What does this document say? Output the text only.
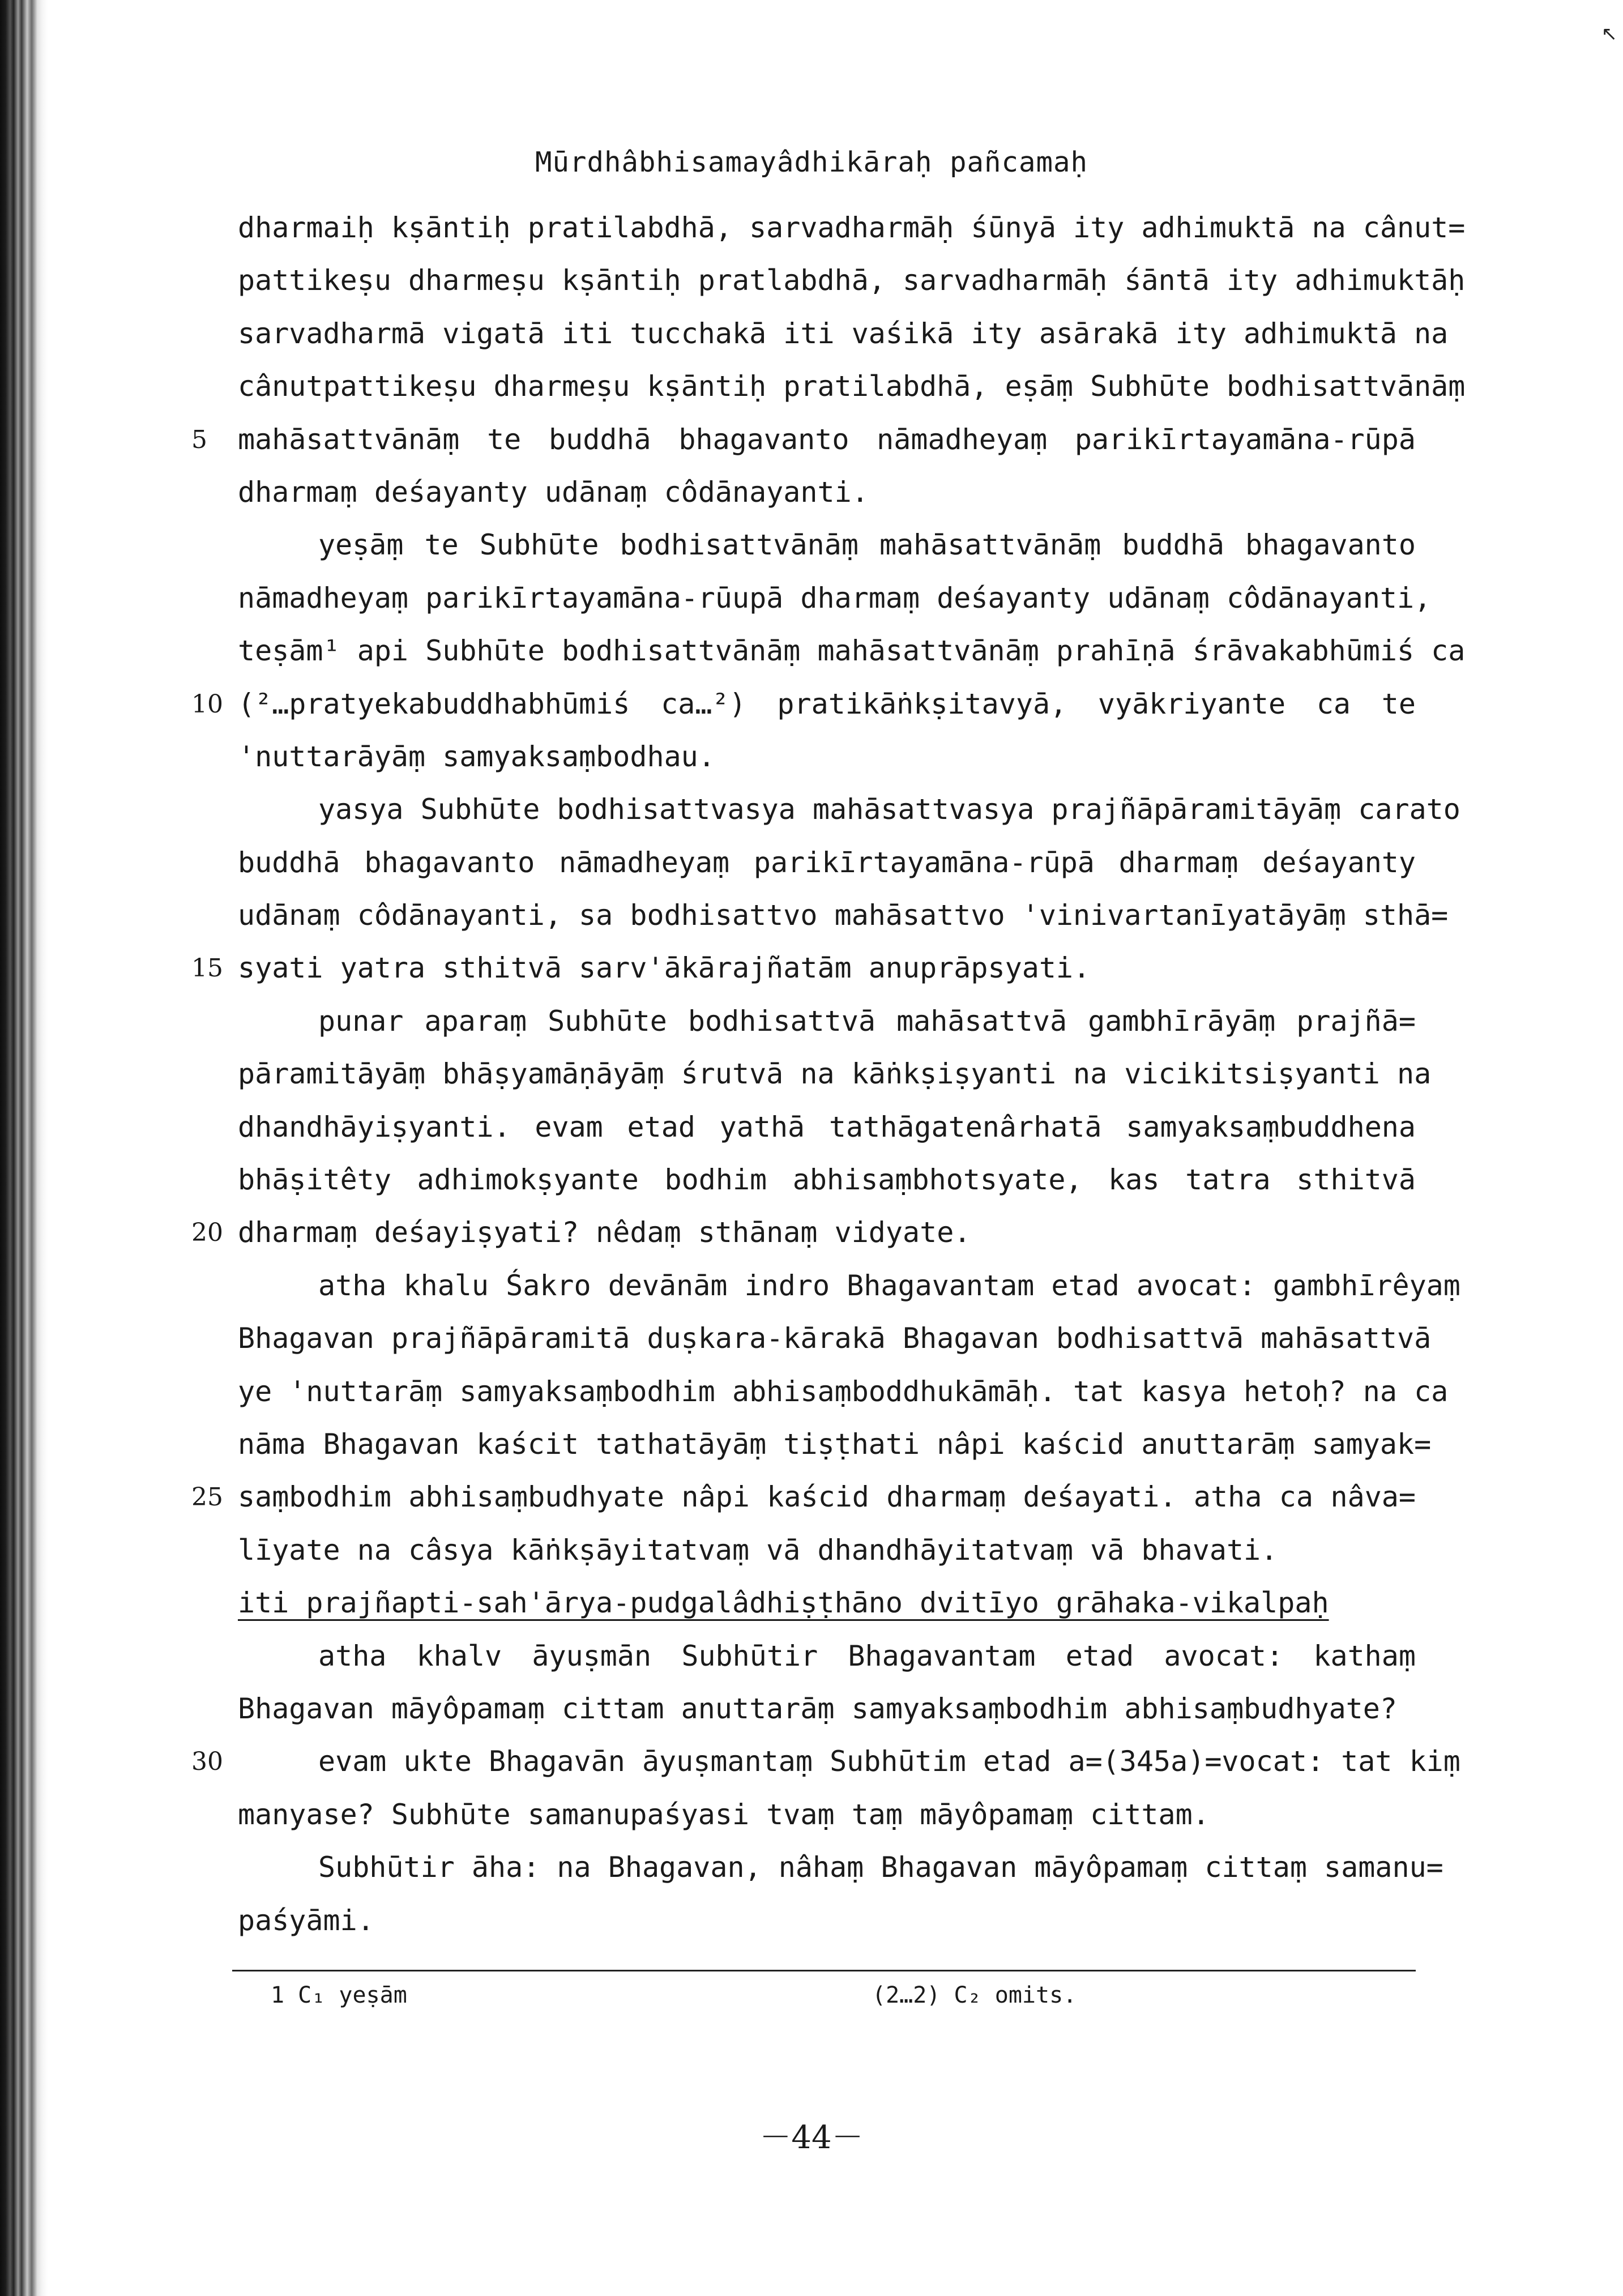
↖
Mūrdhâbhisamayâdhikāraḥ pañcamaḥ
dharmaiḥ kṣāntiḥ pratilabdhā, sarvadharmāḥ śūnyā ity adhimuktā na cânut=
pattikeṣu dharmeṣu kṣāntiḥ pratlabdhā, sarvadharmāḥ śāntā ity adhimuktāḥ
sarvadharmā vigatā iti tucchakā iti vaśikā ity asārakā ity adhimuktā na
cânutpattikeṣu dharmeṣu kṣāntiḥ pratilabdhā, eṣāṃ Subhūte bodhisattvānāṃ
5	mahāsattvānāṃ te buddhā bhagavanto nāmadheyaṃ parikīrtayamāna-rūpā
dharmaṃ deśayanty udānaṃ côdānayanti.
yeṣāṃ te Subhūte bodhisattvānāṃ mahāsattvānāṃ buddhā bhagavanto
nāmadheyaṃ parikīrtayamāna-rūupā dharmaṃ deśayanty udānaṃ côdānayanti,
teṣām¹ api Subhūte bodhisattvānāṃ mahāsattvānāṃ prahīṇā śrāvakabhūmiś ca
10 (²…pratyekabuddhabhūmiś ca…²) pratikāṅkṣitavyā, vyākriyante ca te
'nuttarāyāṃ samyaksaṃbodhau.
yasya Subhūte bodhisattvasya mahāsattvasya prajñāpāramitāyāṃ carato
buddhā bhagavanto nāmadheyaṃ parikīrtayamāna-rūpā dharmaṃ deśayanty
udānaṃ côdānayanti, sa bodhisattvo mahāsattvo 'vinivartanīyatāyāṃ sthā=
15 syati yatra sthitvā sarv'ākārajñatām anuprāpsyati.
punar aparaṃ Subhūte bodhisattvā mahāsattvā gambhīrāyāṃ prajñā=
pāramitāyāṃ bhāṣyamāṇāyāṃ śrutvā na kāṅkṣiṣyanti na vicikitsiṣyanti na
dhandhāyiṣyanti. evam etad yathā tathāgatenârhatā samyaksaṃbuddhena
bhāṣitêty adhimokṣyante bodhim abhisaṃbhotsyate, kas tatra sthitvā
20 dharmaṃ deśayiṣyati? nêdaṃ sthānaṃ vidyate.
atha khalu Śakro devānām indro Bhagavantam etad avocat: gambhīrêyaṃ
Bhagavan prajñāpāramitā duṣkara-kārakā Bhagavan bodhisattvā mahāsattvā
ye 'nuttarāṃ samyaksaṃbodhim abhisaṃboddhukāmāḥ. tat kasya hetoḥ? na ca
nāma Bhagavan kaścit tathatāyāṃ tiṣṭhati nâpi kaścid anuttarāṃ samyak=
25 saṃbodhim abhisaṃbudhyate nâpi kaścid dharmaṃ deśayati. atha ca nâva=
līyate na câsya kāṅkṣāyitatvaṃ vā dhandhāyitatvaṃ vā bhavati.
iti prajñapti-sah'ārya-pudgalâdhiṣṭhāno dvitīyo grāhaka-vikalpaḥ
atha khalv āyuṣmān Subhūtir Bhagavantam etad avocat: kathaṃ
Bhagavan māyôpamaṃ cittam anuttarāṃ samyaksaṃbodhim abhisaṃbudhyate?
30	evam ukte Bhagavān āyuṣmantaṃ Subhūtim etad a=(345a)=vocat: tat kiṃ
manyase? Subhūte samanupaśyasi tvaṃ taṃ māyôpamaṃ cittam.
Subhūtir āha: na Bhagavan, nâhaṃ Bhagavan māyôpamaṃ cittaṃ samanu=
paśyāmi.
1 C₁ yeṣām	(2…2) C₂ omits.
－44－
